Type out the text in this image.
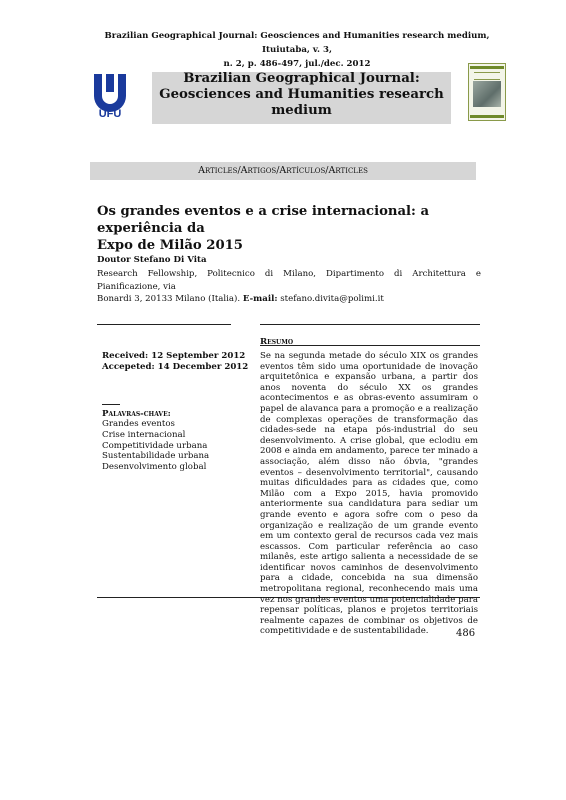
Brazilian Geographical Journal: Geosciences and Humanities research medium, Ituiutaba, v. 3,
n. 2, p. 486-497, jul./dec. 2012
UFU
Brazilian Geographical Journal:
Geosciences and Humanities research
medium
Articles/Artigos/Artículos/Articles
Os grandes eventos e a crise internacional: a experiência da
Expo de Milão 2015
Doutor Stefano Di Vita
Research Fellowship, Politecnico di Milano, Dipartimento di Architettura e Pianificazione, via
Bonardi 3, 20133 Milano (Italia). E-mail: stefano.divita@polimi.it
Received: 12 September 2012
Accepeted: 14 December 2012
Palavras-chave:
Grandes eventos
Crise internacional
Competitividade urbana
Sustentabilidade urbana
Desenvolvimento global
Resumo
Se na segunda metade do século XIX os grandes eventos têm sido uma oportunidade de inovação arquitetônica e expansão urbana, a partir dos anos noventa do século XX os grandes acontecimentos e as obras-evento assumiram o papel de alavanca para a promoção e a realização de complexas operações de transformação das cidades-sede na etapa pós-industrial do seu desenvolvimento. A crise global, que eclodiu em 2008 e ainda em andamento, parece ter minado a associação, além disso não óbvia, "grandes eventos – desenvolvimento territorial", causando muitas dificuldades para as cidades que, como Milão com a Expo 2015, havia promovido anteriormente sua candidatura para sediar um grande evento e agora sofre com o peso da organização e realização de um grande evento em um contexto geral de recursos cada vez mais escassos. Com particular referência ao caso milanês, este artigo salienta a necessidade de se identificar novos caminhos de desenvolvimento para a cidade, concebida na sua dimensão metropolitana regional, reconhecendo mais uma vez nos grandes eventos uma potencialidade para repensar políticas, planos e projetos territoriais realmente capazes de combinar os objetivos de competitividade e de sustentabilidade.	486
